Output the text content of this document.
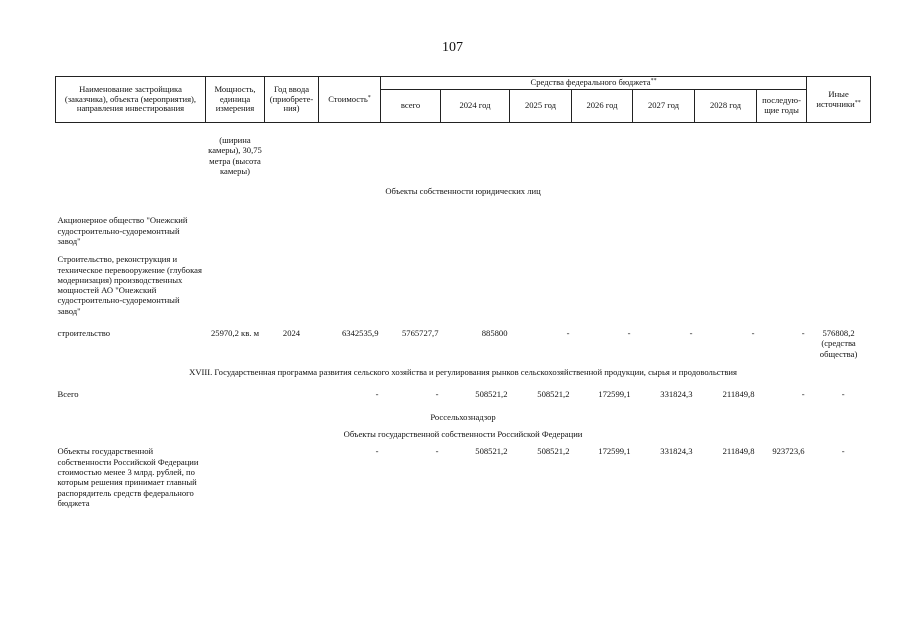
107
Наименование застройщика (заказчика), объекта (мероприятия), направления инвестирования	Мощность, единица измерения	Год ввода (приобрете-ния)	Стоимость*	Средства федерального бюджета**							Иные источники**
				всего	2024 год	2025 год	2026 год	2027 год	2028 год	последую-щие годы	
	(ширина камеры), 30,75 метра (высота камеры)										
Объекты собственности юридических лиц											
Акционерное общество "Онежский судостроительно-судоремонтный завод"											
Строительство, реконструкция и техническое перевооружение (глубокая модернизация) производственных мощностей АО "Онежский судостроительно-судоремонтный завод"											
строительство	25970,2 кв. м	2024	6342535,9	5765727,7	885800	-	-	-	-	-	576808,2 (средства общества)
XVIII. Государственная программа развития сельского хозяйства и регулирования рынков сельскохозяйственной продукции, сырья и продовольствия											
Всего			-	-	508521,2	508521,2	172599,1	331824,3	211849,8	-	-
Россельхознадзор											
Объекты государственной собственности Российской Федерации											
Объекты государственной собственности Российской Федерации стоимостью менее 3 млрд. рублей, по которым решения принимает главный распорядитель средств федерального бюджета			-	-	508521,2	508521,2	172599,1	331824,3	211849,8	923723,6	-
